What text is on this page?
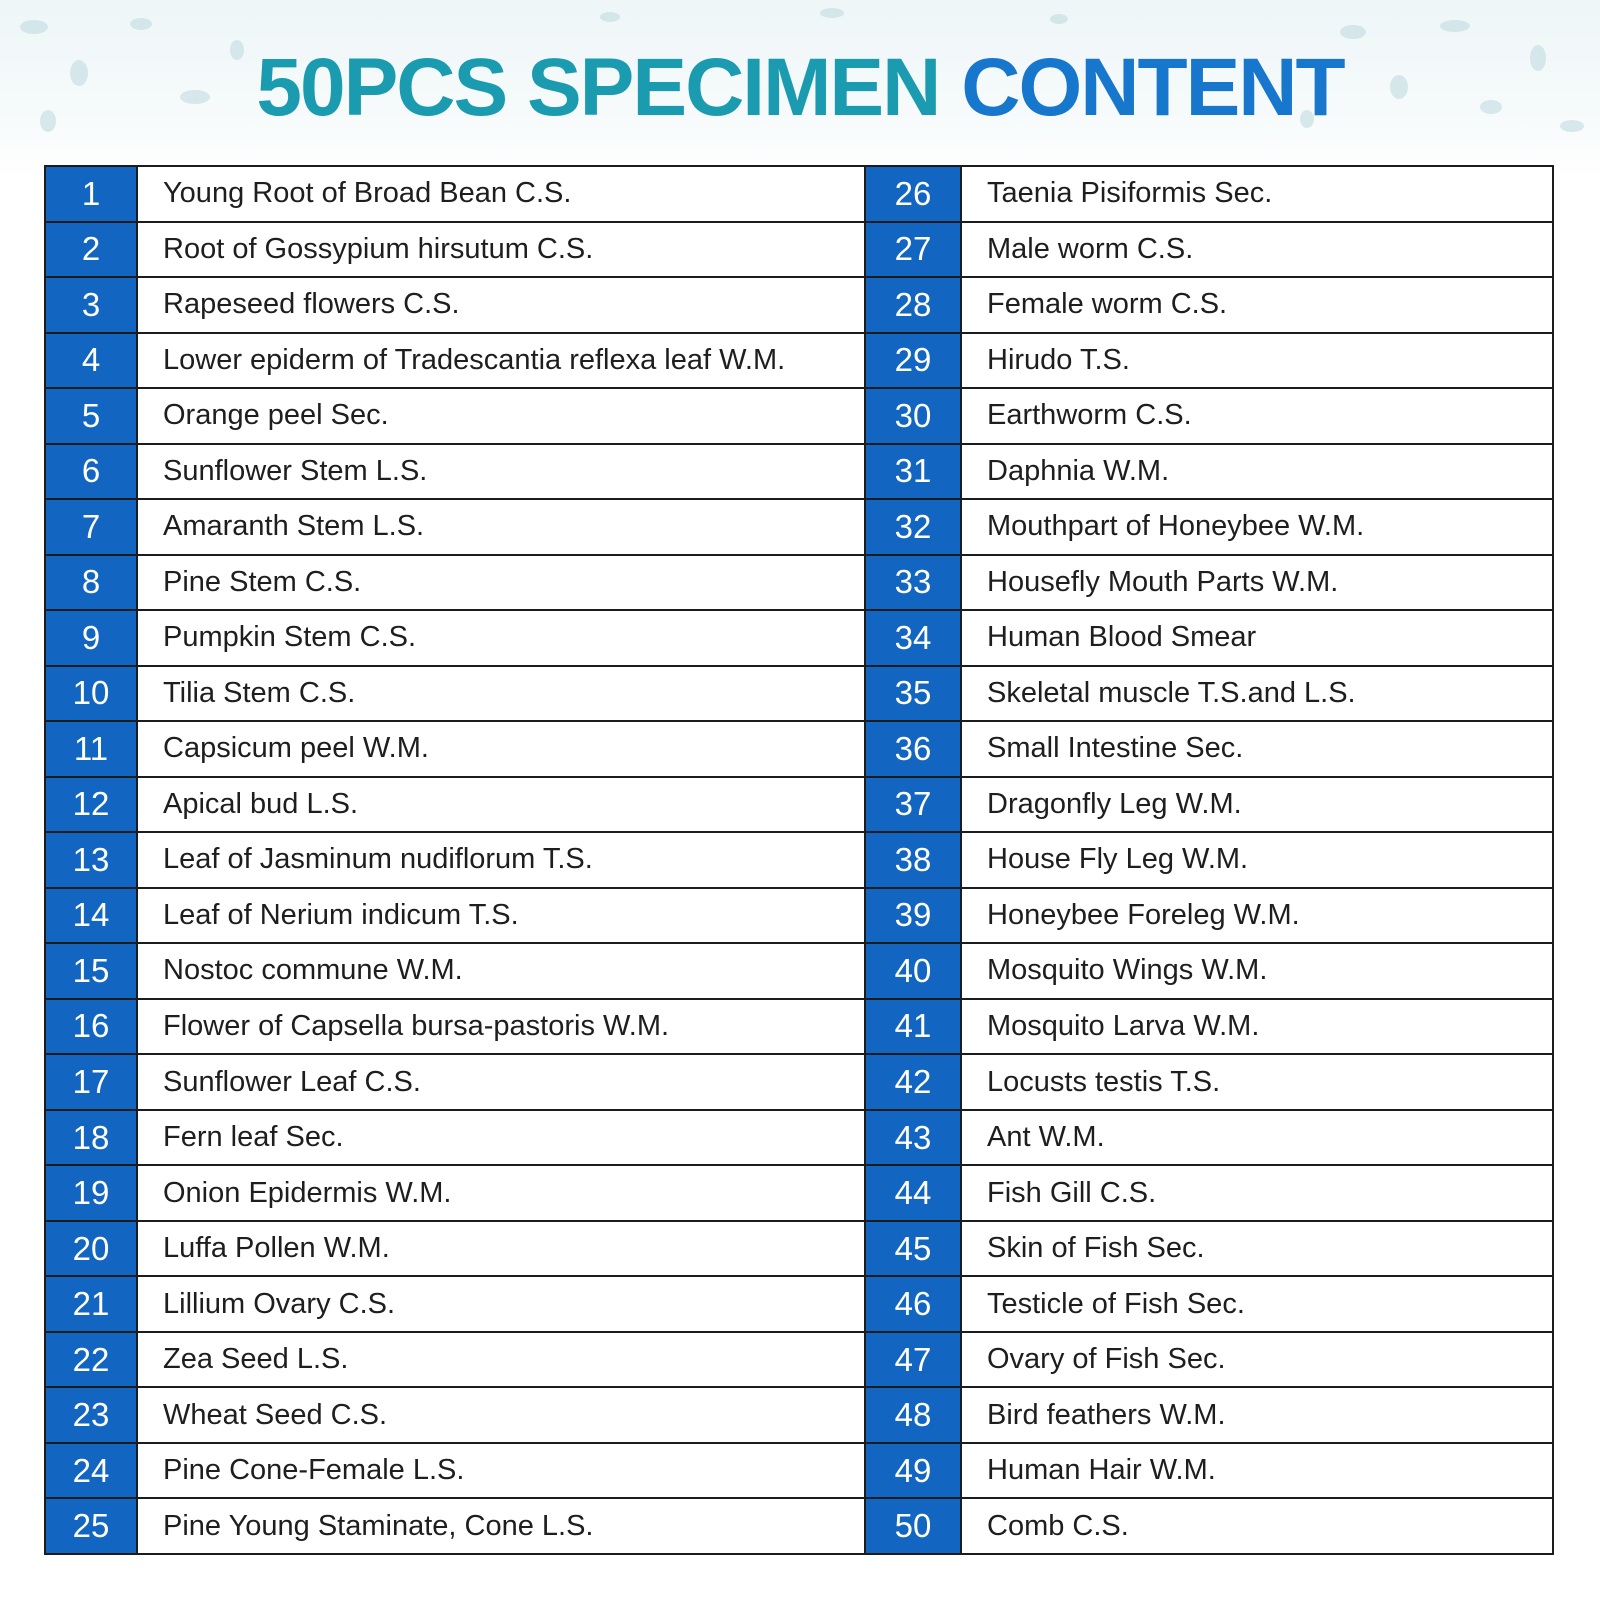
50PCS SPECIMEN CONTENT
1	Young Root of Broad Bean C.S.
2	Root of Gossypium hirsutum C.S.
3	Rapeseed flowers C.S.
4	Lower epiderm of Tradescantia reflexa leaf W.M.
5	Orange peel Sec.
6	Sunflower Stem L.S.
7	Amaranth Stem L.S.
8	Pine Stem C.S.
9	Pumpkin Stem C.S.
10	Tilia Stem C.S.
11	Capsicum peel W.M.
12	Apical bud L.S.
13	Leaf of Jasminum nudiflorum T.S.
14	Leaf of Nerium indicum T.S.
15	Nostoc commune W.M.
16	Flower of Capsella bursa-pastoris W.M.
17	Sunflower Leaf C.S.
18	Fern leaf Sec.
19	Onion Epidermis W.M.
20	Luffa Pollen W.M.
21	Lillium Ovary C.S.
22	Zea Seed L.S.
23	Wheat Seed C.S.
24	Pine Cone-Female L.S.
25	Pine Young Staminate, Cone L.S.
26	Taenia Pisiformis Sec.
27	Male worm C.S.
28	Female worm C.S.
29	Hirudo T.S.
30	Earthworm C.S.
31	Daphnia W.M.
32	Mouthpart of Honeybee W.M.
33	Housefly Mouth Parts W.M.
34	Human Blood Smear
35	Skeletal muscle T.S.and L.S.
36	Small Intestine Sec.
37	Dragonfly Leg W.M.
38	House Fly Leg W.M.
39	Honeybee Foreleg W.M.
40	Mosquito Wings W.M.
41	Mosquito Larva W.M.
42	Locusts testis T.S.
43	Ant W.M.
44	Fish Gill C.S.
45	Skin of Fish Sec.
46	Testicle of Fish Sec.
47	Ovary of Fish Sec.
48	Bird feathers W.M.
49	Human Hair W.M.
50	Comb C.S.
